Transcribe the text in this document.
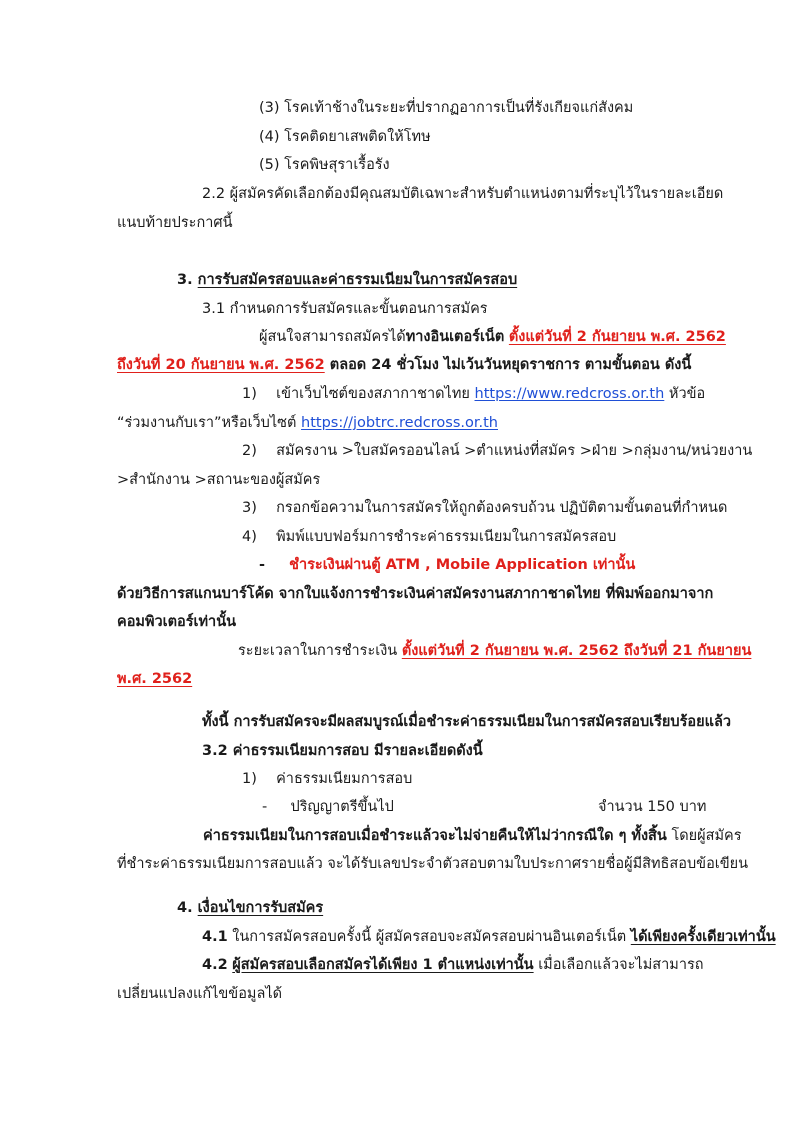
(3) โรคเท้าช้างในระยะที่ปรากฏอาการเป็นที่รังเกียจแก่สังคม
(4) โรคติดยาเสพติดให้โทษ
(5) โรคพิษสุราเรื้อรัง
2.2 ผู้สมัครคัดเลือกต้องมีคุณสมบัติเฉพาะสำหรับตำแหน่งตามที่ระบุไว้ในรายละเอียด
แนบท้ายประกาศนี้
3. การรับสมัครสอบและค่าธรรมเนียมในการสมัครสอบ
3.1 กำหนดการรับสมัครและขั้นตอนการสมัคร
ผู้สนใจสามารถสมัครได้ทางอินเตอร์เน็ต ตั้งแต่วันที่ 2 กันยายน พ.ศ. 2562
ถึงวันที่ 20 กันยายน พ.ศ. 2562 ตลอด 24 ชั่วโมง ไม่เว้นวันหยุดราชการ ตามขั้นตอน ดังนี้
1) เข้าเว็บไซต์ของสภากาชาดไทย https://www.redcross.or.th หัวข้อ
“ร่วมงานกับเรา”หรือเว็บไซต์ https://jobtrc.redcross.or.th
2) สมัครงาน >ใบสมัครออนไลน์ >ตำแหน่งที่สมัคร >ฝ่าย >กลุ่มงาน/หน่วยงาน
>สำนักงาน >สถานะของผู้สมัคร
3) กรอกข้อความในการสมัครให้ถูกต้องครบถ้วน ปฏิบัติตามขั้นตอนที่กำหนด
4) พิมพ์แบบฟอร์มการชำระค่าธรรมเนียมในการสมัครสอบ
- ชำระเงินผ่านตู้ ATM , Mobile Application เท่านั้น
ด้วยวิธีการสแกนบาร์โค้ด จากใบแจ้งการชำระเงินค่าสมัครงานสภากาชาดไทย ที่พิมพ์ออกมาจาก
คอมพิวเตอร์เท่านั้น
ระยะเวลาในการชำระเงิน ตั้งแต่วันที่ 2 กันยายน พ.ศ. 2562 ถึงวันที่ 21 กันยายน
พ.ศ. 2562
ทั้งนี้ การรับสมัครจะมีผลสมบูรณ์เมื่อชำระค่าธรรมเนียมในการสมัครสอบเรียบร้อยแล้ว
3.2 ค่าธรรมเนียมการสอบ มีรายละเอียดดังนี้
1) ค่าธรรมเนียมการสอบ
- ปริญญาตรีขึ้นไป	จำนวน 150 บาท
ค่าธรรมเนียมในการสอบเมื่อชำระแล้วจะไม่จ่ายคืนให้ไม่ว่ากรณีใด ๆ ทั้งสิ้น โดยผู้สมัคร
ที่ชำระค่าธรรมเนียมการสอบแล้ว จะได้รับเลขประจำตัวสอบตามใบประกาศรายชื่อผู้มีสิทธิสอบข้อเขียน
4. เงื่อนไขการรับสมัคร
4.1 ในการสมัครสอบครั้งนี้ ผู้สมัครสอบจะสมัครสอบผ่านอินเตอร์เน็ต ได้เพียงครั้งเดียวเท่านั้น
4.2 ผู้สมัครสอบเลือกสมัครได้เพียง 1 ตำแหน่งเท่านั้น เมื่อเลือกแล้วจะไม่สามารถ
เปลี่ยนแปลงแก้ไขข้อมูลได้
